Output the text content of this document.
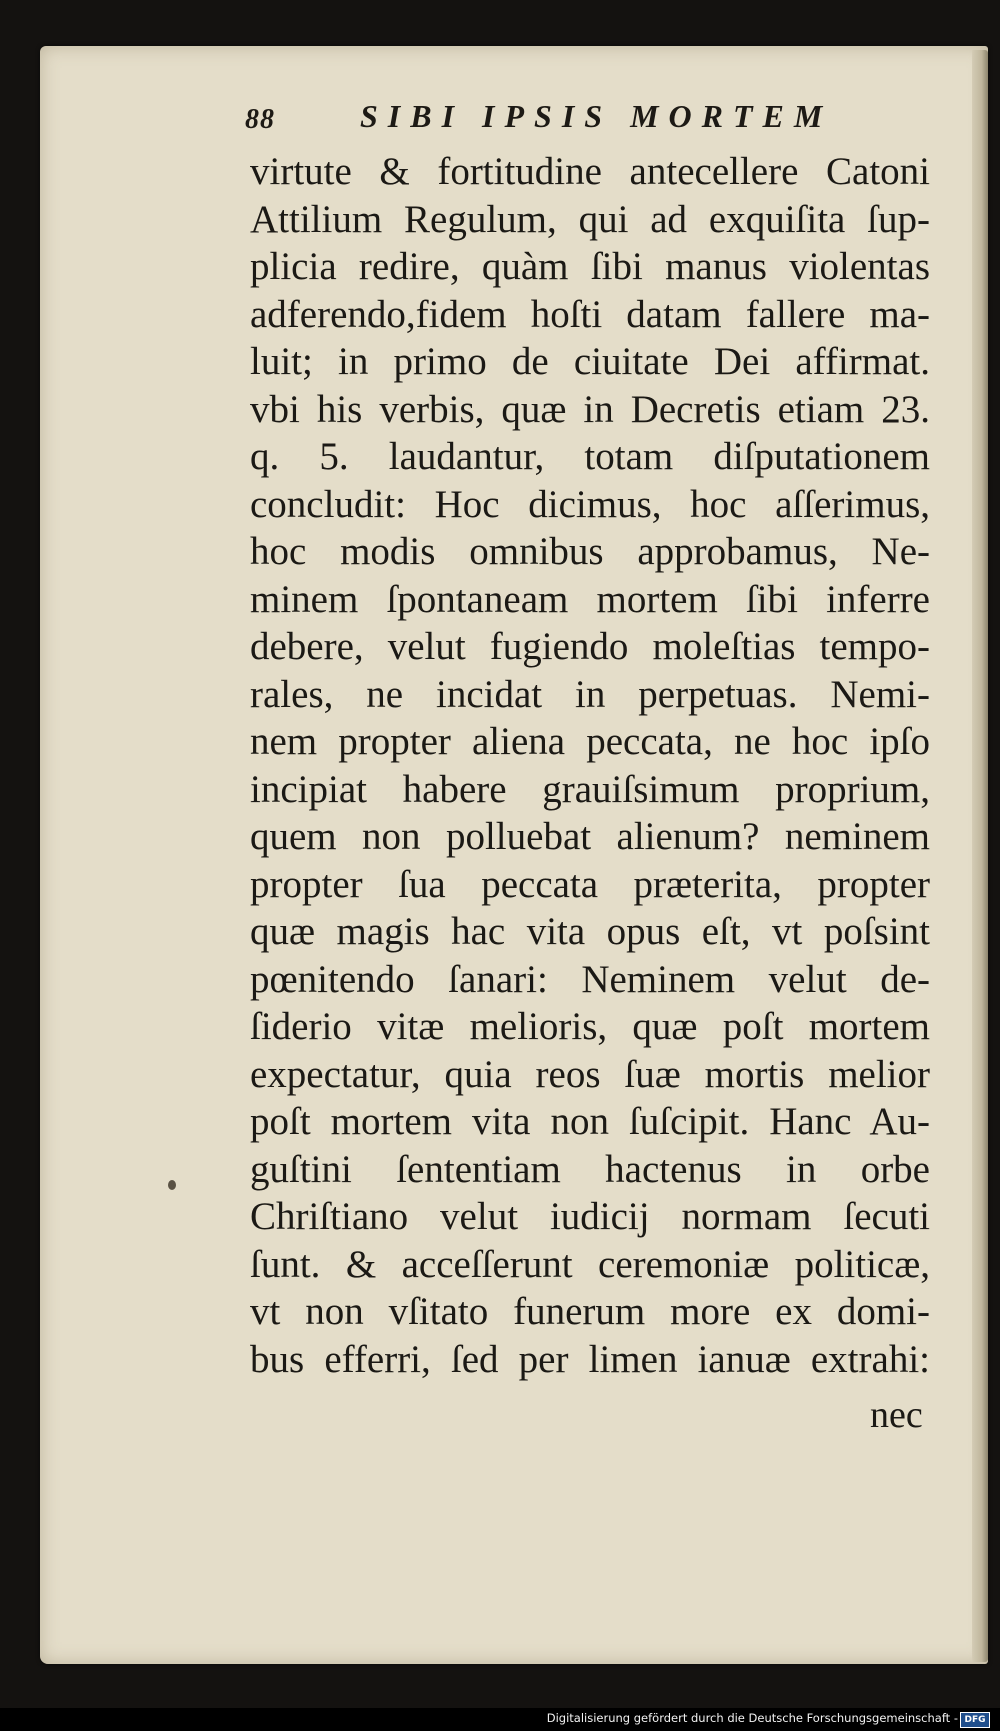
88	SIBI IPSIS MORTEM
virtute & fortitudine antecellere Catoni
Attilium Regulum, qui ad exquiſita ſup-
plicia redire, quàm ſibi manus violentas
adferendo,fidem hoſti datam fallere ma-
luit; in primo de ciuitate Dei affirmat.
vbi his verbis, quæ in Decretis etiam 23.
q. 5. laudantur, totam diſputationem
concludit: Hoc dicimus, hoc aſſerimus,
hoc modis omnibus approbamus, Ne-
minem ſpontaneam mortem ſibi inferre
debere, velut fugiendo moleſtias tempo-
rales, ne incidat in perpetuas. Nemi-
nem propter aliena peccata, ne hoc ipſo
incipiat habere grauiſsimum proprium,
quem non polluebat alienum? neminem
propter ſua peccata præterita, propter
quæ magis hac vita opus eſt, vt poſsint
pœnitendo ſanari: Neminem velut de-
ſiderio vitæ melioris, quæ poſt mortem
expectatur, quia reos ſuæ mortis melior
poſt mortem vita non ſuſcipit. Hanc Au-
guſtini ſententiam hactenus in orbe
Chriſtiano velut iudicij normam ſecuti
ſunt. & acceſſerunt ceremoniæ politicæ,
vt non vſitato funerum more ex domi-
bus efferri, ſed per limen ianuæ extrahi:
nec
Digitalisierung gefördert durch die Deutsche Forschungsgemeinschaft - DFG
